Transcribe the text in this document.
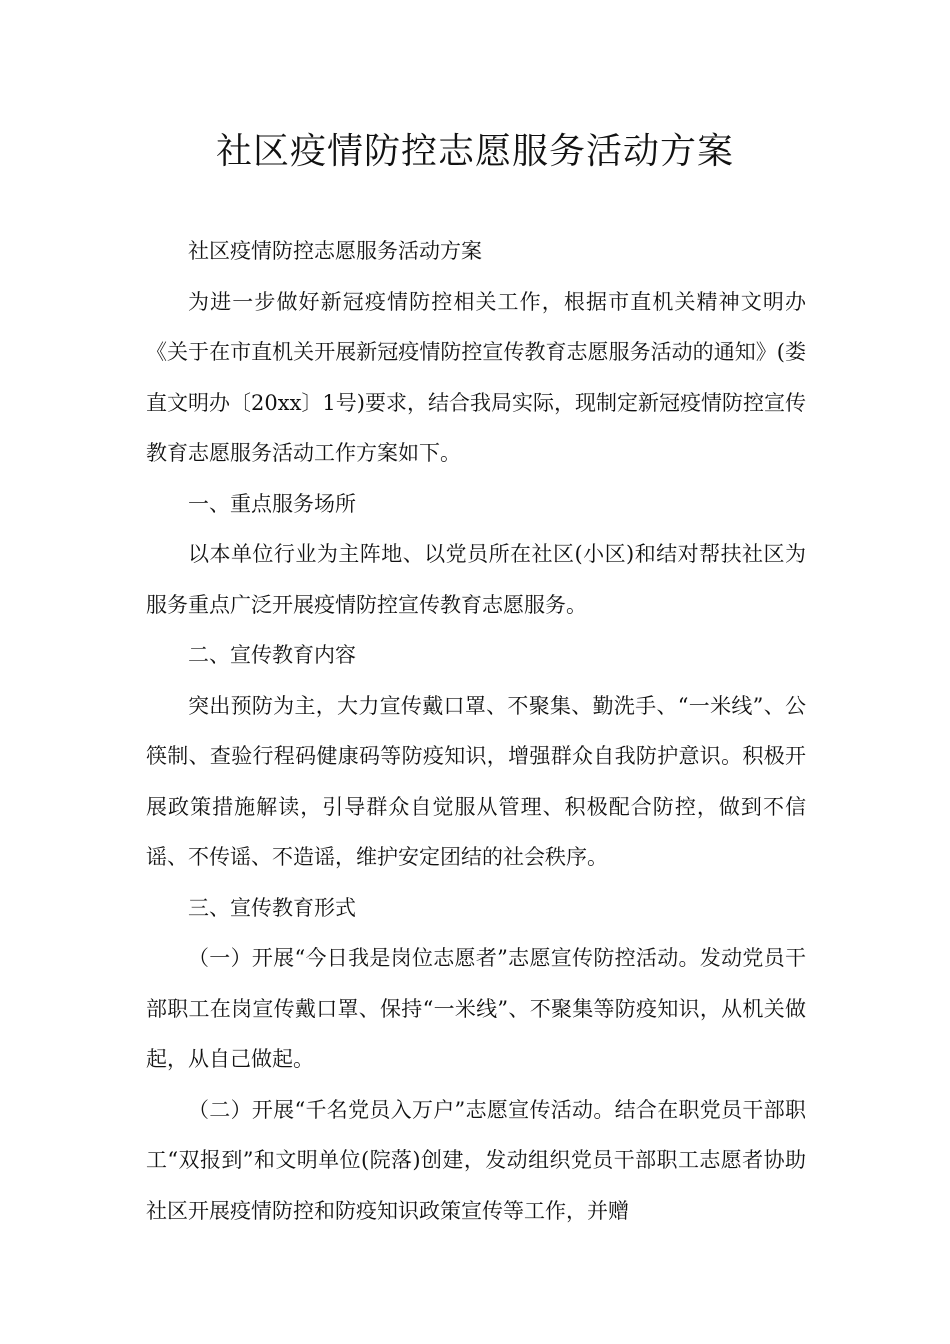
社区疫情防控志愿服务活动方案

社区疫情防控志愿服务活动方案

为进一步做好新冠疫情防控相关工作，根据市直机关精神文明办《关于在市直机关开展新冠疫情防控宣传教育志愿服务活动的通知》(娄直文明办〔20xx〕1号)要求，结合我局实际，现制定新冠疫情防控宣传教育志愿服务活动工作方案如下。

一、重点服务场所

以本单位行业为主阵地、以党员所在社区(小区)和结对帮扶社区为服务重点广泛开展疫情防控宣传教育志愿服务。

二、宣传教育内容

突出预防为主，大力宣传戴口罩、不聚集、勤洗手、“一米线”、公筷制、查验行程码健康码等防疫知识，增强群众自我防护意识。积极开展政策措施解读，引导群众自觉服从管理、积极配合防控，做到不信谣、不传谣、不造谣，维护安定团结的社会秩序。

三、宣传教育形式

（一）开展“今日我是岗位志愿者”志愿宣传防控活动。发动党员干部职工在岗宣传戴口罩、保持“一米线”、不聚集等防疫知识，从机关做起，从自己做起。

（二）开展“千名党员入万户”志愿宣传活动。结合在职党员干部职工“双报到”和文明单位(院落)创建，发动组织党员干部职工志愿者协助社区开展疫情防控和防疫知识政策宣传等工作，并赠
